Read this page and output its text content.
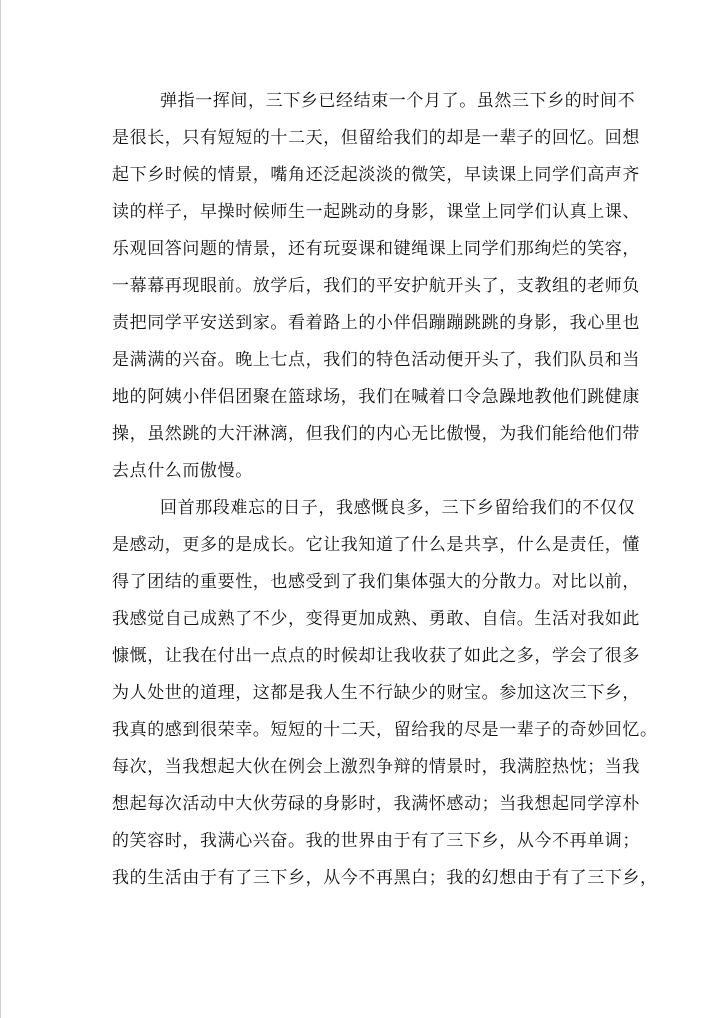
弹指一挥间，三下乡已经结束一个月了。虽然三下乡的时间不
是很长，只有短短的十二天，但留给我们的却是一辈子的回忆。回想
起下乡时候的情景，嘴角还泛起淡淡的微笑，早读课上同学们高声齐
读的样子，早操时候师生一起跳动的身影，课堂上同学们认真上课、
乐观回答问题的情景，还有玩耍课和键绳课上同学们那绚烂的笑容，
一幕幕再现眼前。放学后，我们的平安护航开头了，支教组的老师负
责把同学平安送到家。看着路上的小伴侣蹦蹦跳跳的身影，我心里也
是满满的兴奋。晚上七点，我们的特色活动便开头了，我们队员和当
地的阿姨小伴侣团聚在篮球场，我们在喊着口令急躁地教他们跳健康
操，虽然跳的大汗淋漓，但我们的内心无比傲慢，为我们能给他们带
去点什么而傲慢。
回首那段难忘的日子，我感慨良多，三下乡留给我们的不仅仅
是感动，更多的是成长。它让我知道了什么是共享，什么是责任，懂
得了团结的重要性，也感受到了我们集体强大的分散力。对比以前，
我感觉自己成熟了不少，变得更加成熟、勇敢、自信。生活对我如此
慷慨，让我在付出一点点的时候却让我收获了如此之多，学会了很多
为人处世的道理，这都是我人生不行缺少的财宝。参加这次三下乡，
我真的感到很荣幸。短短的十二天，留给我的尽是一辈子的奇妙回忆。
每次，当我想起大伙在例会上激烈争辩的情景时，我满腔热忱；当我
想起每次活动中大伙劳碌的身影时，我满怀感动；当我想起同学淳朴
的笑容时，我满心兴奋。我的世界由于有了三下乡，从今不再单调；
我的生活由于有了三下乡，从今不再黑白；我的幻想由于有了三下乡，
